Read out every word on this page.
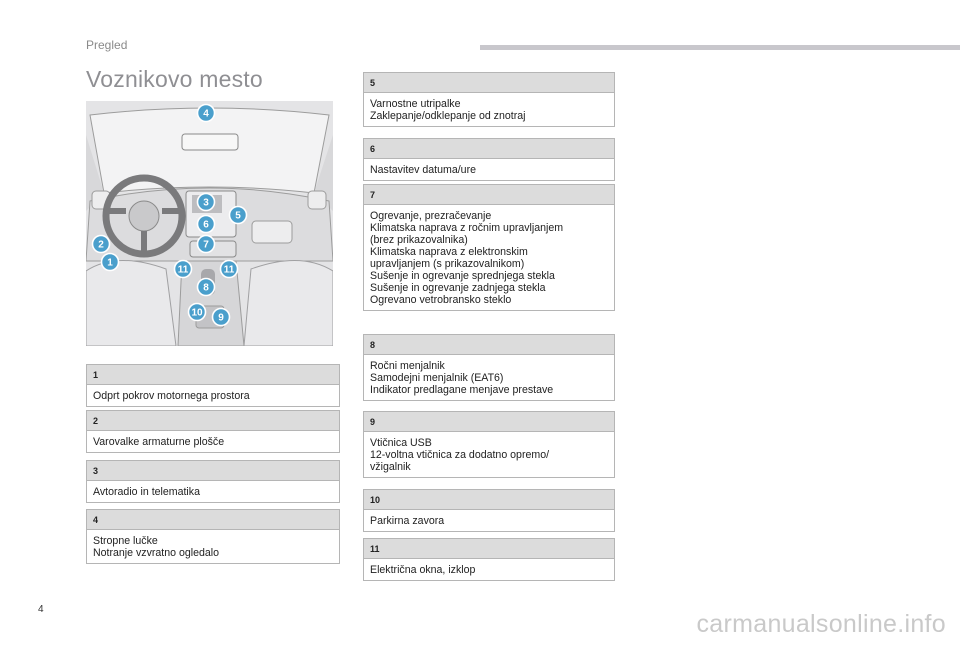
Pregled
Voznikovo mesto
4
3
5
6
2	7
1
11	11
8
10 9
1
Odprt pokrov motornega prostora
2
Varovalke armaturne plošče
3
Avtoradio in telematika
4
Stropne lučke
Notranje vzvratno ogledalo
5
Varnostne utripalke
Zaklepanje/odklepanje od znotraj
6
Nastavitev datuma/ure
7
Ogrevanje, prezračevanje
Klimatska naprava z ročnim upravljanjem
(brez prikazovalnika)
Klimatska naprava z elektronskim
upravljanjem (s prikazovalnikom)
Sušenje in ogrevanje sprednjega stekla
Sušenje in ogrevanje zadnjega stekla
Ogrevano vetrobransko steklo
8
Ročni menjalnik
Samodejni menjalnik (EAT6)
Indikator predlagane menjave prestave
9
Vtičnica USB
12-voltna vtičnica za dodatno opremo/
vžigalnik
10
Parkirna zavora
11
Električna okna, izklop
4
carmanualsonline.info
